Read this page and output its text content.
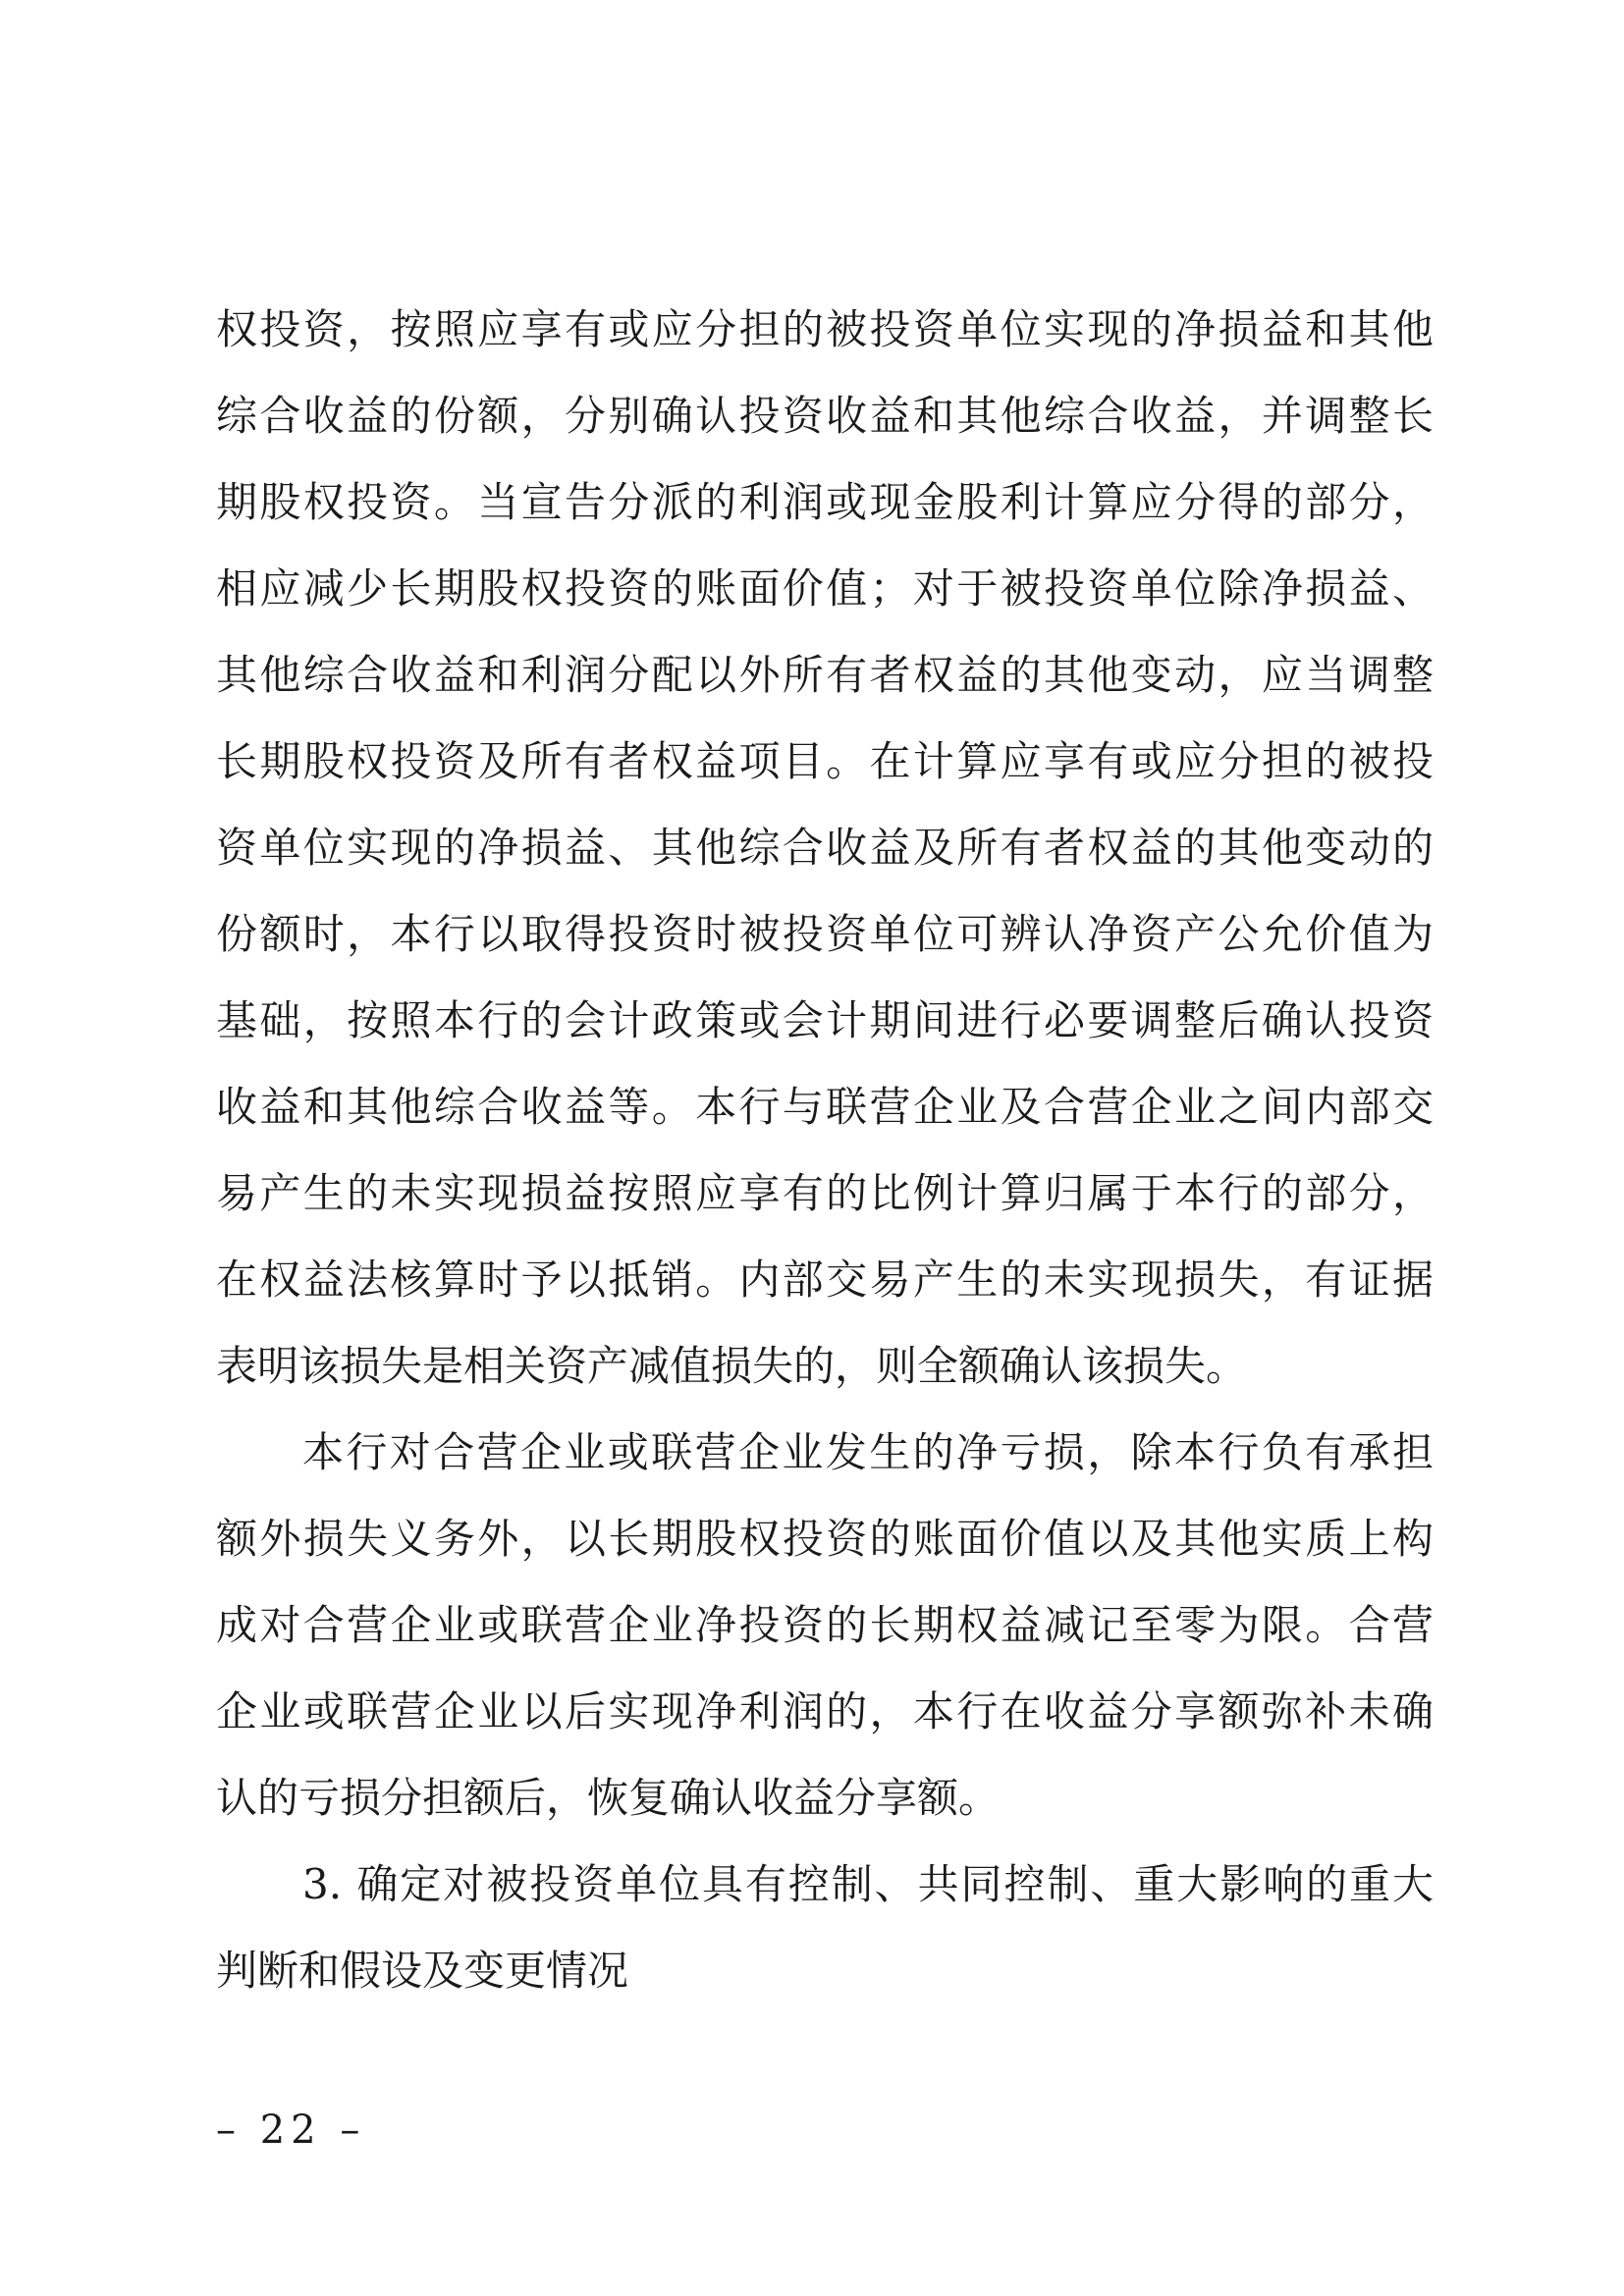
权投资，按照应享有或应分担的被投资单位实现的净损益和其他
综合收益的份额，分别确认投资收益和其他综合收益，并调整长
期股权投资。当宣告分派的利润或现金股利计算应分得的部分，
相应减少长期股权投资的账面价值；对于被投资单位除净损益、
其他综合收益和利润分配以外所有者权益的其他变动，应当调整
长期股权投资及所有者权益项目。在计算应享有或应分担的被投
资单位实现的净损益、其他综合收益及所有者权益的其他变动的
份额时，本行以取得投资时被投资单位可辨认净资产公允价值为
基础，按照本行的会计政策或会计期间进行必要调整后确认投资
收益和其他综合收益等。本行与联营企业及合营企业之间内部交
易产生的未实现损益按照应享有的比例计算归属于本行的部分，
在权益法核算时予以抵销。内部交易产生的未实现损失，有证据
表明该损失是相关资产减值损失的，则全额确认该损失。
本行对合营企业或联营企业发生的净亏损，除本行负有承担
额外损失义务外，以长期股权投资的账面价值以及其他实质上构
成对合营企业或联营企业净投资的长期权益减记至零为限。合营
企业或联营企业以后实现净利润的，本行在收益分享额弥补未确
认的亏损分担额后，恢复确认收益分享额。
3. 确定对被投资单位具有控制、共同控制、重大影响的重大
判断和假设及变更情况
– 22 –
